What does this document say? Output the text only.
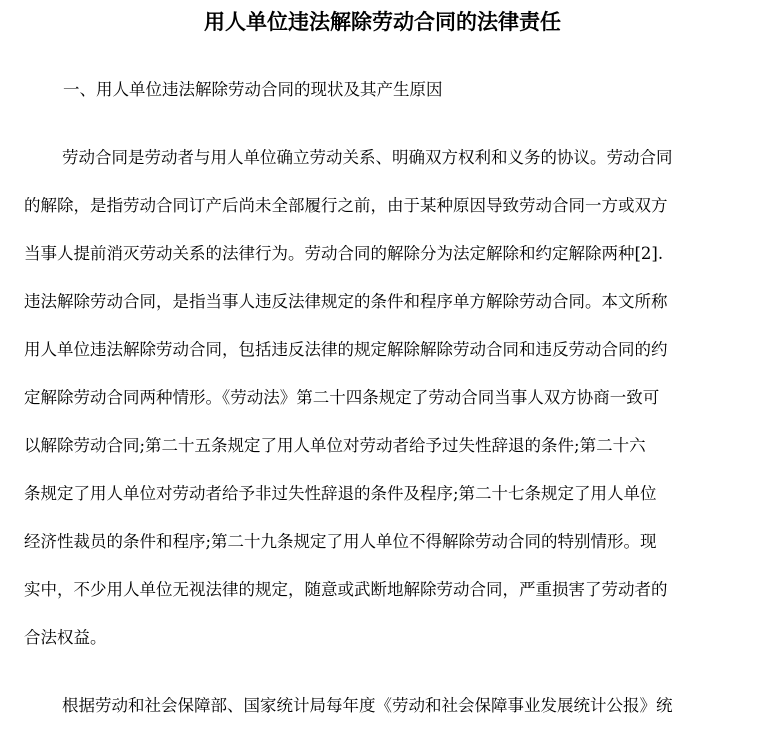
用人单位违法解除劳动合同的法律责任
一、用人单位违法解除劳动合同的现状及其产生原因
劳动合同是劳动者与用人单位确立劳动关系、明确双方权利和义务的协议。劳动合同
的解除，是指劳动合同订产后尚未全部履行之前，由于某种原因导致劳动合同一方或双方
当事人提前消灭劳动关系的法律行为。劳动合同的解除分为法定解除和约定解除两种[2].
违法解除劳动合同，是指当事人违反法律规定的条件和程序单方解除劳动合同。本文所称
用人单位违法解除劳动合同，包括违反法律的规定解除解除劳动合同和违反劳动合同的约
定解除劳动合同两种情形。《劳动法》第二十四条规定了劳动合同当事人双方协商一致可
以解除劳动合同;第二十五条规定了用人单位对劳动者给予过失性辞退的条件;第二十六
条规定了用人单位对劳动者给予非过失性辞退的条件及程序;第二十七条规定了用人单位
经济性裁员的条件和程序;第二十九条规定了用人单位不得解除劳动合同的特别情形。现
实中，不少用人单位无视法律的规定，随意或武断地解除劳动合同，严重损害了劳动者的
合法权益。
根据劳动和社会保障部、国家统计局每年度《劳动和社会保障事业发展统计公报》统
